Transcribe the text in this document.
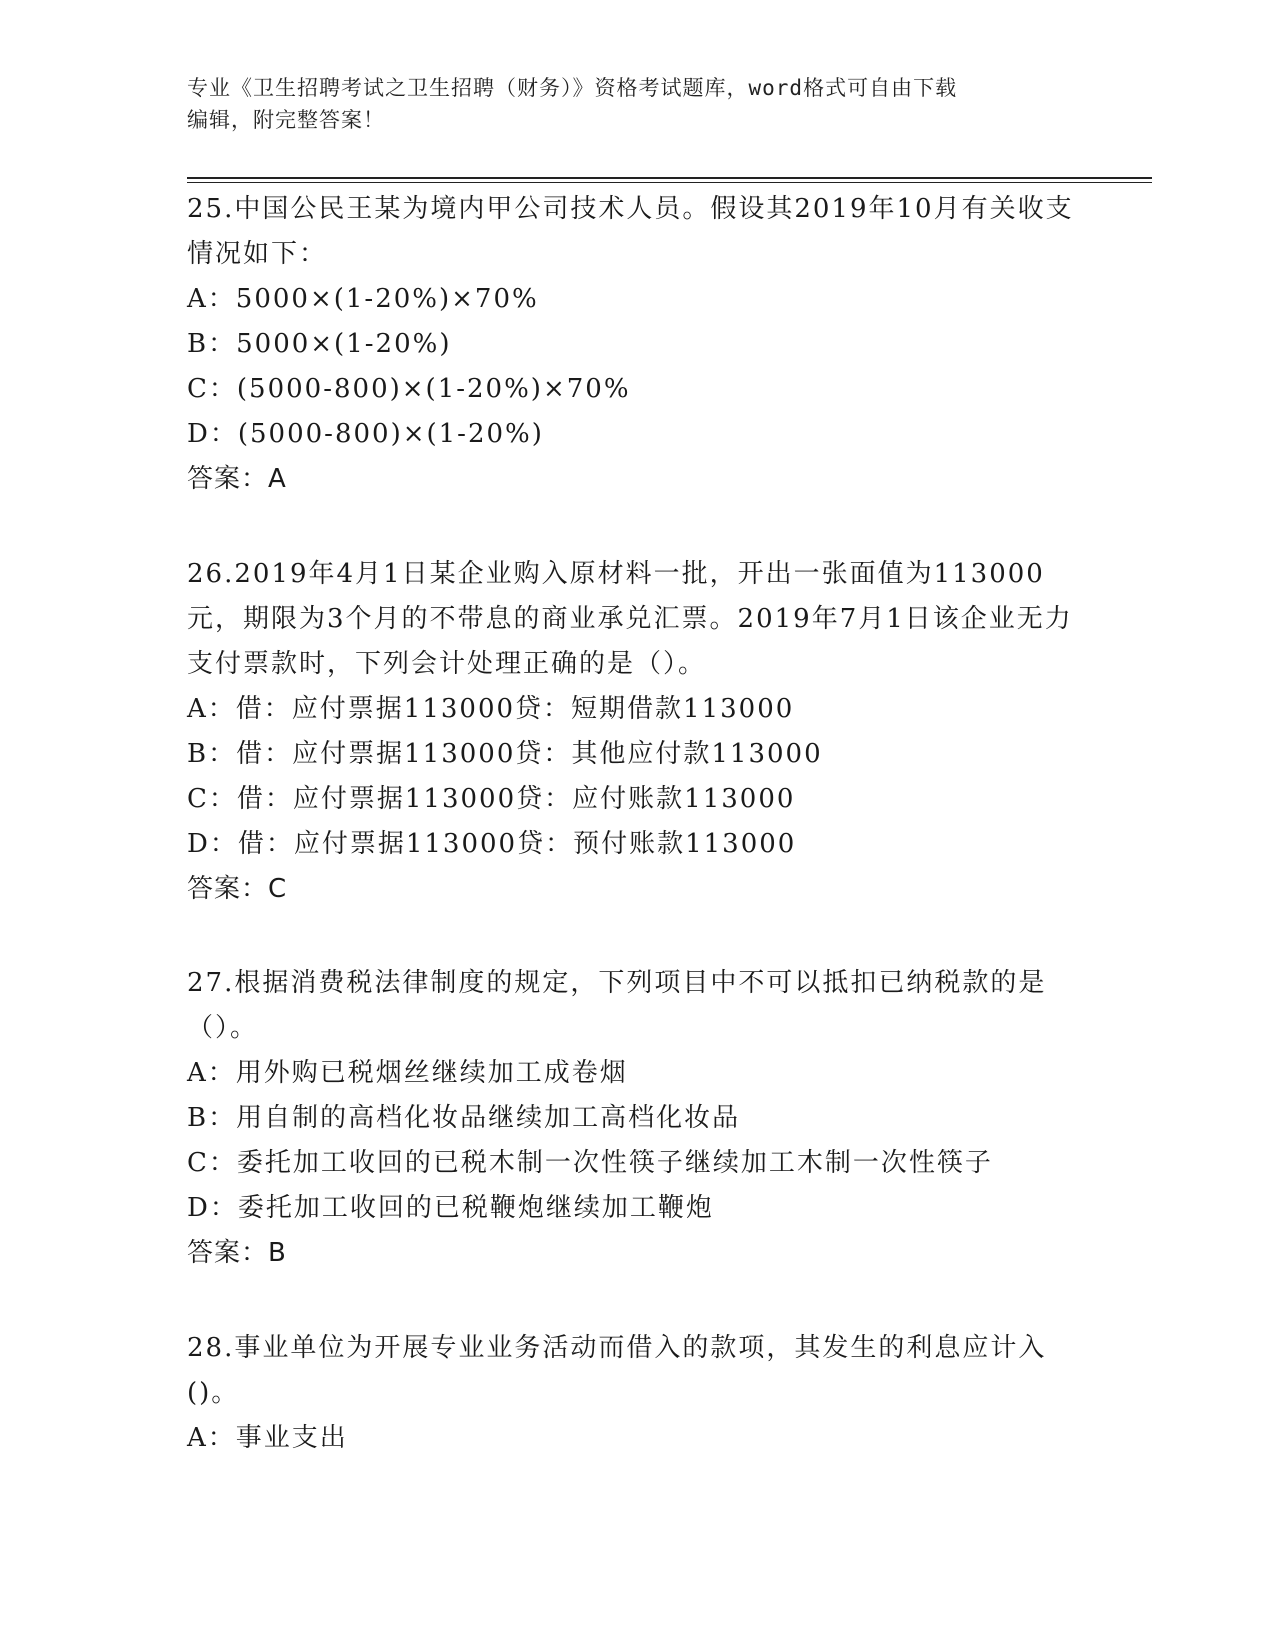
专业《卫生招聘考试之卫生招聘（财务）》资格考试题库，word格式可自由下载
编辑，附完整答案！
25.中国公民王某为境内甲公司技术人员。假设其2019年10月有关收支情况如下：
A：5000×(1-20%)×70%
B：5000×(1-20%)
C：(5000-800)×(1-20%)×70%
D：(5000-800)×(1-20%)
答案：A
26.2019年4月1日某企业购入原材料一批，开出一张面值为113000元，期限为3个月的不带息的商业承兑汇票。2019年7月1日该企业无力支付票款时，下列会计处理正确的是（）。
A：借：应付票据113000贷：短期借款113000
B：借：应付票据113000贷：其他应付款113000
C：借：应付票据113000贷：应付账款113000
D：借：应付票据113000贷：预付账款113000
答案：C
27.根据消费税法律制度的规定，下列项目中不可以抵扣已纳税款的是（）。
A：用外购已税烟丝继续加工成卷烟
B：用自制的高档化妆品继续加工高档化妆品
C：委托加工收回的已税木制一次性筷子继续加工木制一次性筷子
D：委托加工收回的已税鞭炮继续加工鞭炮
答案：B
28.事业单位为开展专业业务活动而借入的款项，其发生的利息应计入()。
A：事业支出
